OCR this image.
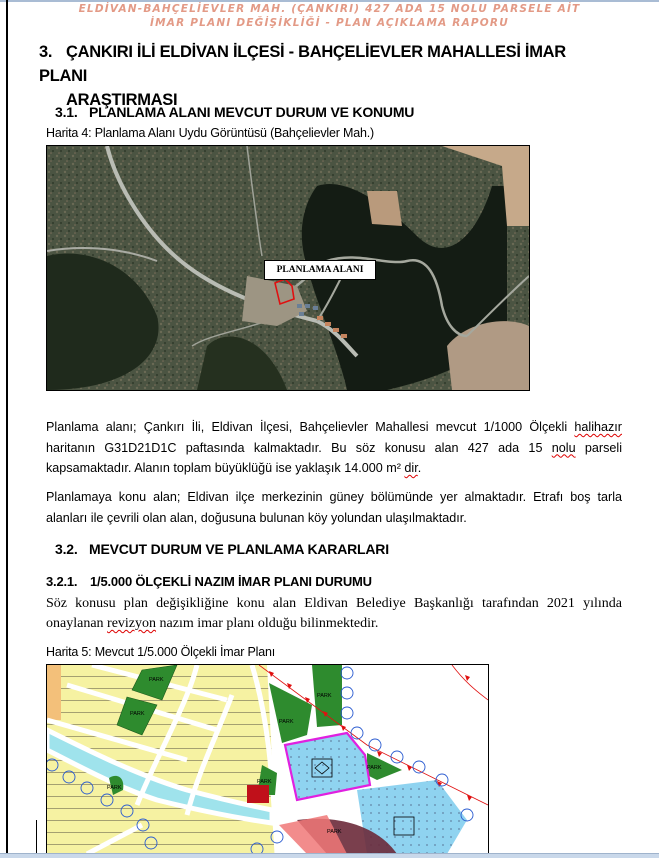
ELDİVAN-BAHÇELİEVLER MAH. (ÇANKIRI) 427 ADA 15 NOLU PARSELE AİT
İMAR PLANI DEĞİŞİKLİĞİ - PLAN AÇIKLAMA RAPORU
3. ÇANKIRI İLİ ELDİVAN İLÇESİ - BAHÇELİEVLER MAHALLESİ İMAR PLANI
ARAŞTIRMASI
3.1. PLANLAMA ALANI MEVCUT DURUM VE KONUMU
Harita 4: Planlama Alanı Uydu Görüntüsü (Bahçelievler Mah.)
PLANLAMA ALANI
Planlama alanı; Çankırı İli, Eldivan İlçesi, Bahçelievler Mahallesi mevcut 1/1000 Ölçekli halihazır haritanın G31D21D1C paftasında kalmaktadır. Bu söz konusu alan 427 ada 15 nolu parseli kapsamaktadır. Alanın toplam büyüklüğü ise yaklaşık 14.000 m² dir.
Planlamaya konu alan; Eldivan ilçe merkezinin güney bölümünde yer almaktadır. Etrafı boş tarla alanları ile çevrili olan alan, doğusuna bulunan köy yolundan ulaşılmaktadır.
3.2. MEVCUT DURUM VE PLANLAMA KARARLARI
3.2.1. 1/5.000 ÖLÇEKLİ NAZIM İMAR PLANI DURUMU
Söz konusu plan değişikliğine konu alan Eldivan Belediye Başkanlığı tarafından 2021 yılında onaylanan revizyon nazım imar planı olduğu bilinmektedir.
Harita 5: Mevcut 1/5.000 Ölçekli İmar Planı
PARK
PARK
PARK
PARK
PARK
PARK
PARK
PARK
